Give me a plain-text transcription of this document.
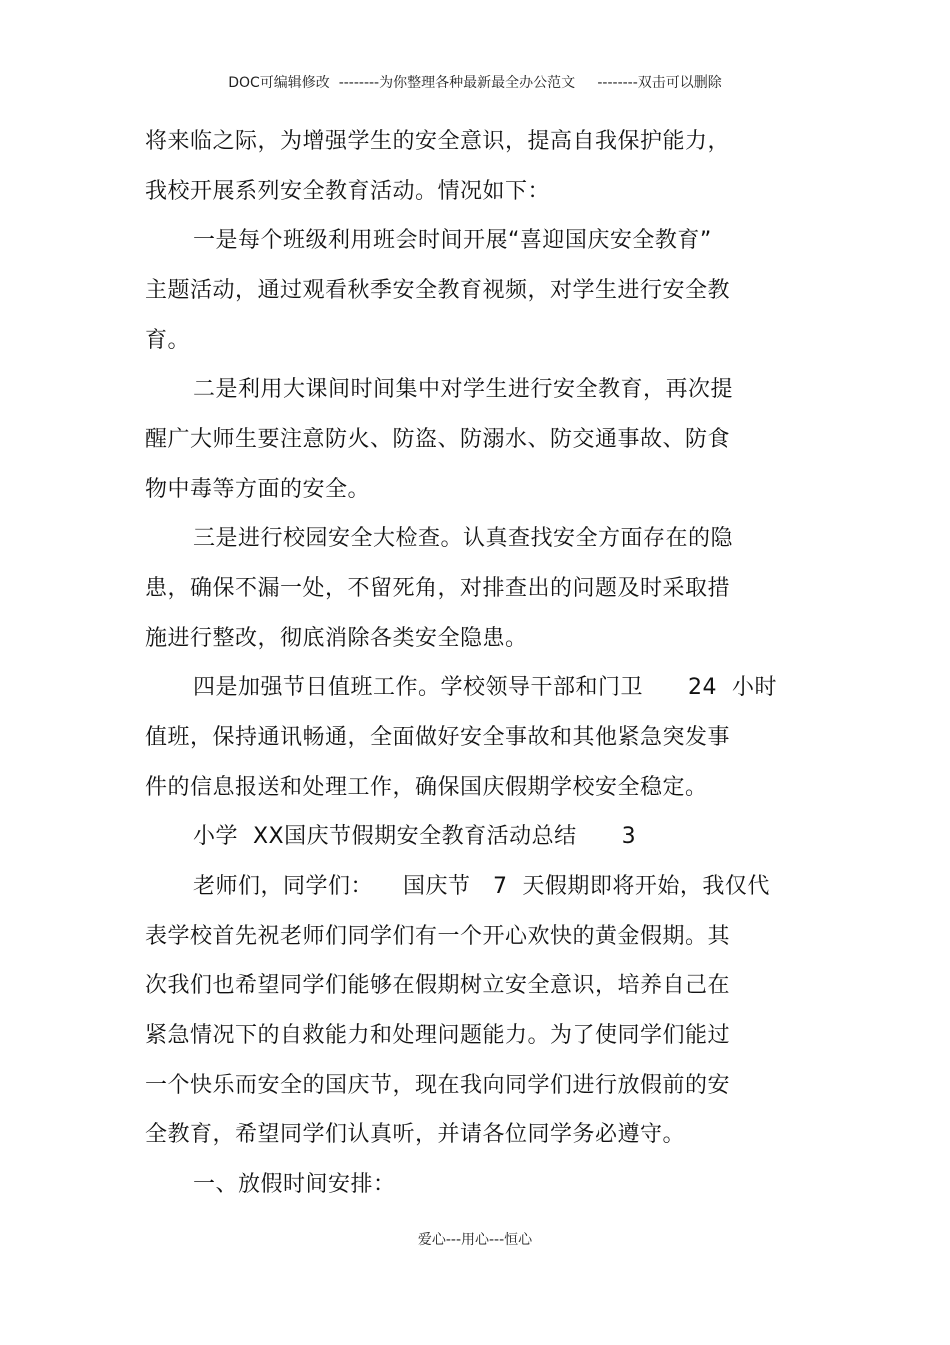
DOC可编辑修改  --------为你整理各种最新最全办公范文     --------双击可以删除
将来临之际，为增强学生的安全意识，提高自我保护能力，
我校开展系列安全教育活动。情况如下：
一是每个班级利用班会时间开展“喜迎国庆安全教育”
主题活动，通过观看秋季安全教育视频，对学生进行安全教
育。
二是利用大课间时间集中对学生进行安全教育，再次提
醒广大师生要注意防火、防盗、防溺水、防交通事故、防食
物中毒等方面的安全。
三是进行校园安全大检查。认真查找安全方面存在的隐
患，确保不漏一处，不留死角，对排查出的问题及时采取措
施进行整改，彻底消除各类安全隐患。
四是加强节日值班工作。学校领导干部和门卫      24  小时
值班，保持通讯畅通，全面做好安全事故和其他紧急突发事
件的信息报送和处理工作，确保国庆假期学校安全稳定。
小学  XX国庆节假期安全教育活动总结      3
老师们，同学们：    国庆节   7  天假期即将开始，我仅代
表学校首先祝老师们同学们有一个开心欢快的黄金假期。其
次我们也希望同学们能够在假期树立安全意识，培养自己在
紧急情况下的自救能力和处理问题能力。为了使同学们能过
一个快乐而安全的国庆节，现在我向同学们进行放假前的安
全教育，希望同学们认真听，并请各位同学务必遵守。
一、放假时间安排：
爱心---用心---恒心
